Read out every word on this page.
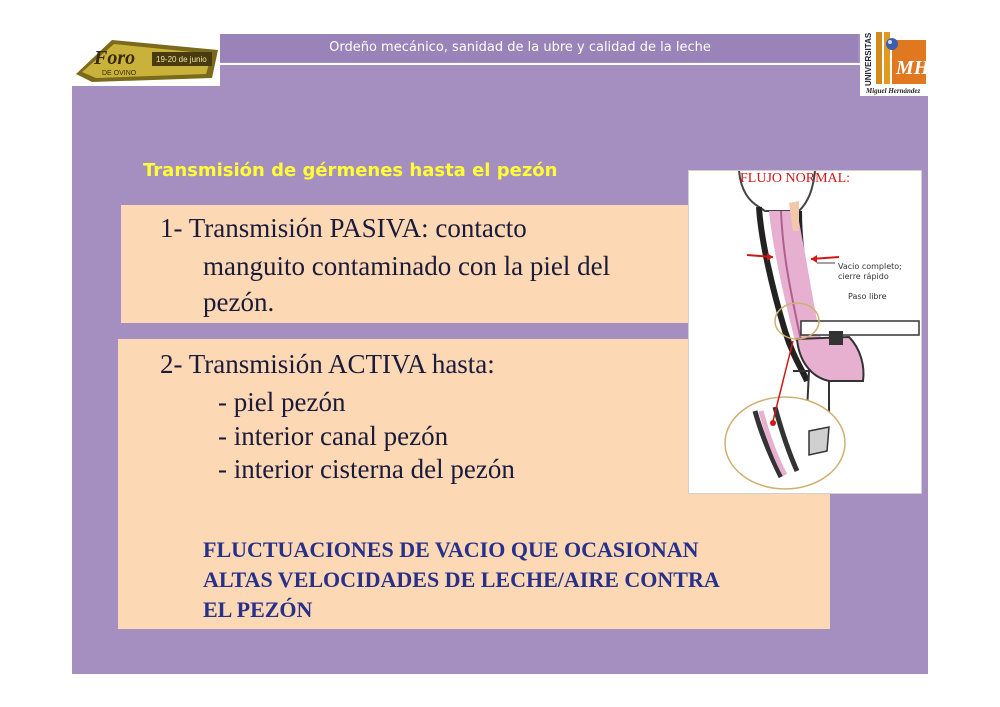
Ordeño mecánico, sanidad de la ubre y calidad de la leche
Foro
DE OVINO
19-20 de junio	UNIVERSITAS MH
Miguel Hernández
Transmisión de gérmenes hasta el pezón
1- Transmisión PASIVA: contacto
manguito contaminado con la piel del
pezón.
2- Transmisión ACTIVA hasta:
- piel pezón
- interior canal pezón
- interior cisterna del pezón
FLUCTUACIONES DE VACIO QUE OCASIONAN
ALTAS VELOCIDADES DE LECHE/AIRE CONTRA
EL PEZÓN
FLUJO NORMAL:
Vacio completo;
cierre rápido
Paso libre
